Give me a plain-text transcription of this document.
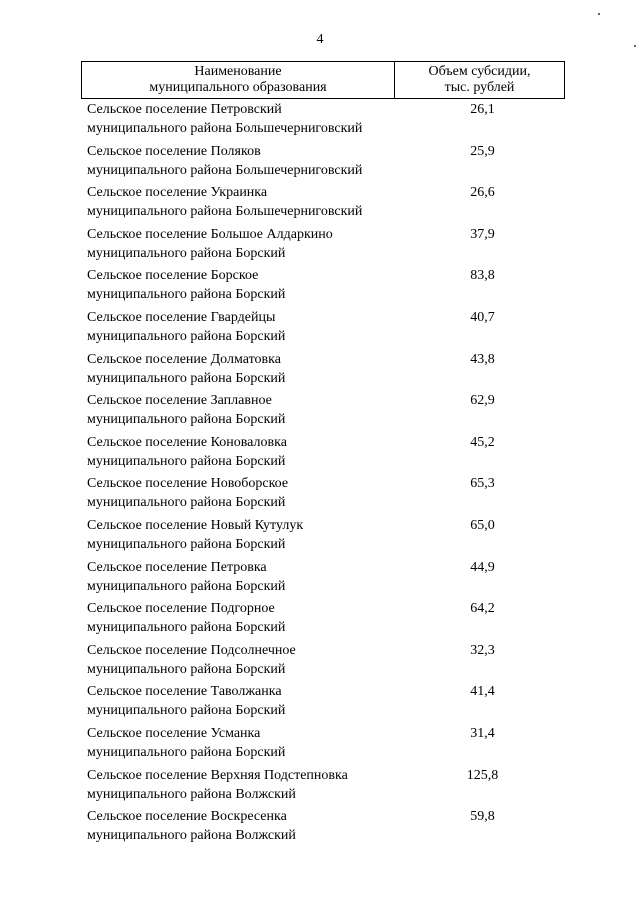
4
Наименование
муниципального образования
Объем субсидии,
тыс. рублей
Сельское поселение Петровский
муниципального района Большечерниговский
26,1
Сельское поселение Поляков
муниципального района Большечерниговский
25,9
Сельское поселение Украинка
муниципального района Большечерниговский
26,6
Сельское поселение Большое Алдаркино
муниципального района Борский
37,9
Сельское поселение Борское
муниципального района Борский
83,8
Сельское поселение Гвардейцы
муниципального района Борский
40,7
Сельское поселение Долматовка
муниципального района Борский
43,8
Сельское поселение Заплавное
муниципального района Борский
62,9
Сельское поселение Коноваловка
муниципального района Борский
45,2
Сельское поселение Новоборское
муниципального района Борский
65,3
Сельское поселение Новый Кутулук
муниципального района Борский
65,0
Сельское поселение Петровка
муниципального района Борский
44,9
Сельское поселение Подгорное
муниципального района Борский
64,2
Сельское поселение Подсолнечное
муниципального района Борский
32,3
Сельское поселение Таволжанка
муниципального района Борский
41,4
Сельское поселение Усманка
муниципального района Борский
31,4
Сельское поселение Верхняя Подстепновка
муниципального района Волжский
125,8
Сельское поселение Воскресенка
муниципального района Волжский
59,8
